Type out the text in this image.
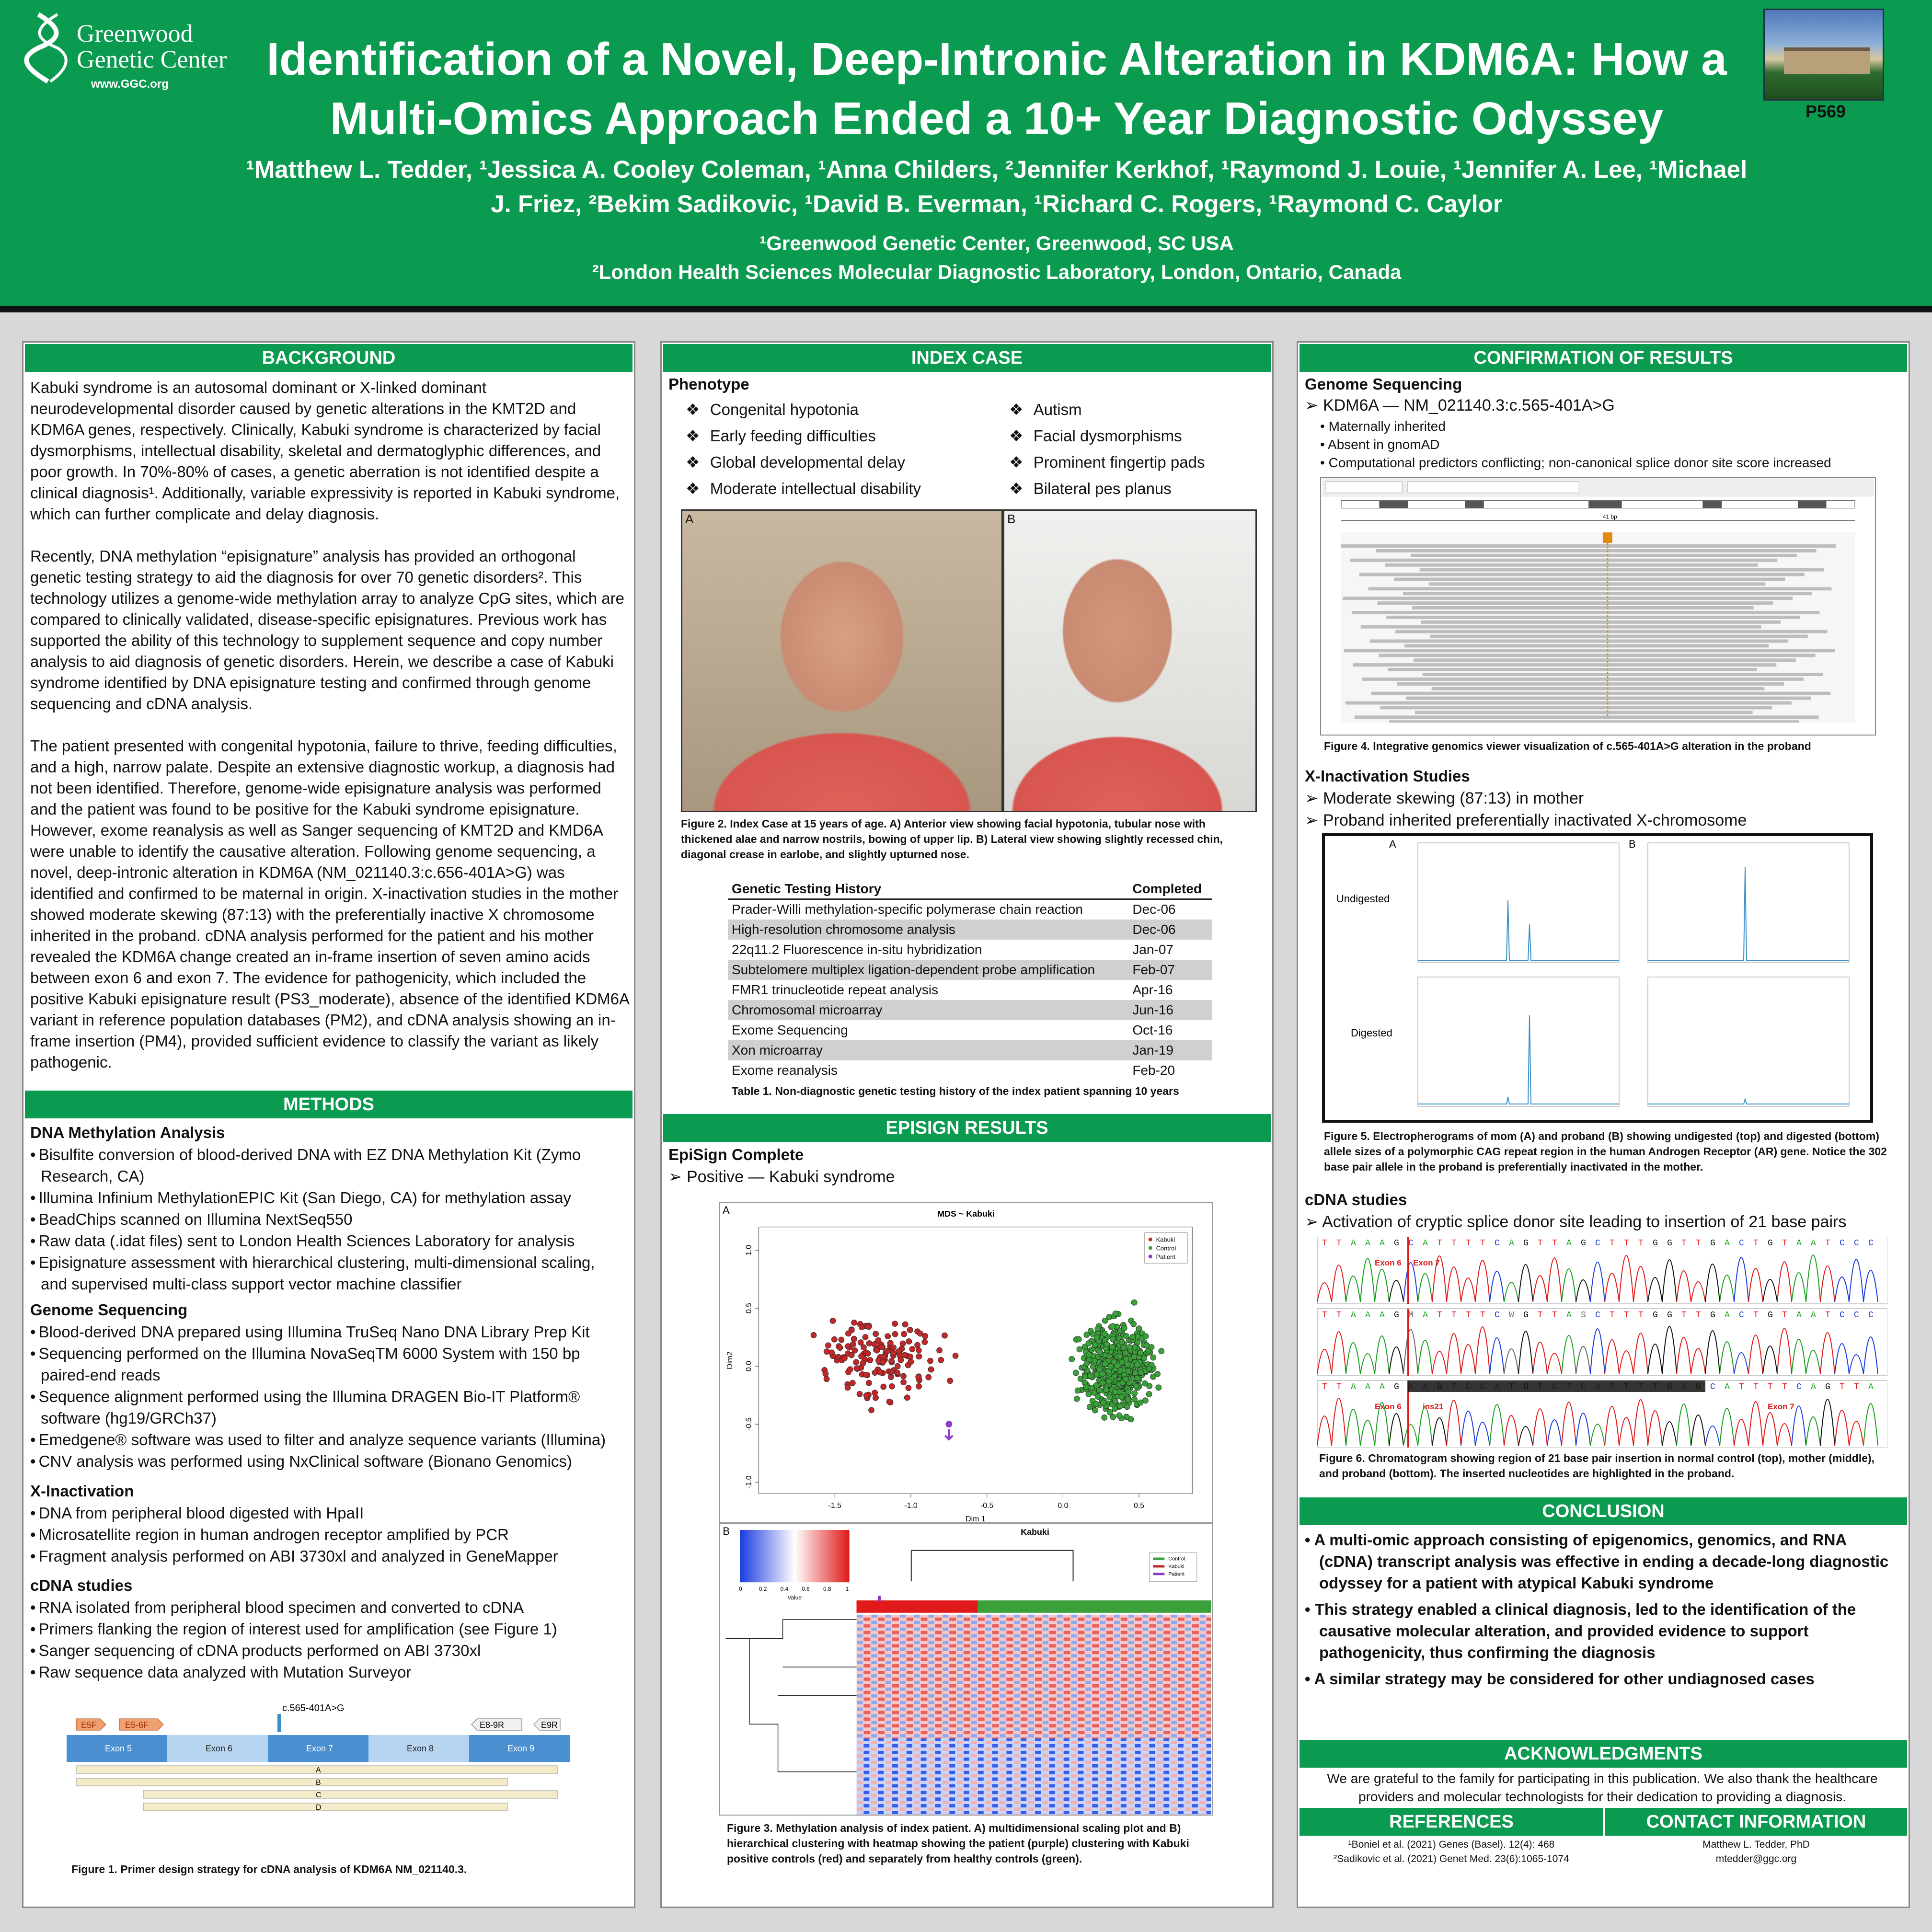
Greenwood
Genetic Center
www.GGC.org	Identification of a Novel, Deep-Intronic Alteration in KDM6A: How a
Multi-Omics Approach Ended a 10+ Year Diagnostic Odyssey
¹Matthew L. Tedder, ¹Jessica A. Cooley Coleman, ¹Anna Childers, ²Jennifer Kerkhof, ¹Raymond J. Louie, ¹Jennifer A. Lee, ¹Michael
J. Friez, ²Bekim Sadikovic, ¹David B. Everman, ¹Richard C. Rogers, ¹Raymond C. Caylor
¹Greenwood Genetic Center, Greenwood, SC USA
²London Health Sciences Molecular Diagnostic Laboratory, London, Ontario, Canada
P569
BACKGROUND

Kabuki syndrome is an autosomal dominant or X-linked dominant neurodevelopmental disorder caused by genetic alterations in the KMT2D and KDM6A genes, respectively. Clinically, Kabuki syndrome is characterized by facial dysmorphisms, intellectual disability, skeletal and dermatoglyphic differences, and poor growth. In 70%-80% of cases, a genetic aberration is not identified despite a clinical diagnosis¹. Additionally, variable expressivity is reported in Kabuki syndrome, which can further complicate and delay diagnosis.

Recently, DNA methylation “episignature” analysis has provided an orthogonal genetic testing strategy to aid the diagnosis for over 70 genetic disorders². This technology utilizes a genome-wide methylation array to analyze CpG sites, which are compared to clinically validated, disease-specific episignatures. Previous work has supported the ability of this technology to supplement sequence and copy number analysis to aid diagnosis of genetic disorders. Herein, we describe a case of Kabuki syndrome identified by DNA episignature testing and confirmed through genome sequencing and cDNA analysis.

The patient presented with congenital hypotonia, failure to thrive, feeding difficulties, and a high, narrow palate. Despite an extensive diagnostic workup, a diagnosis had not been identified. Therefore, genome-wide episignature analysis was performed and the patient was found to be positive for the Kabuki syndrome episignature. However, exome reanalysis as well as Sanger sequencing of KMT2D and KMD6A were unable to identify the causative alteration. Following genome sequencing, a novel, deep-intronic alteration in KDM6A (NM_021140.3:c.656-401A>G) was identified and confirmed to be maternal in origin. X-inactivation studies in the mother showed moderate skewing (87:13) with the preferentially inactive X chromosome inherited in the proband. cDNA analysis performed for the patient and his mother revealed the KDM6A change created an in-frame insertion of seven amino acids between exon 6 and exon 7. The evidence for pathogenicity, which included the positive Kabuki episignature result (PS3_moderate), absence of the identified KDM6A variant in reference population databases (PM2), and cDNA analysis showing an in-frame insertion (PM4), provided sufficient evidence to classify the variant as likely pathogenic.

METHODS
DNA Methylation Analysis
• Bisulfite conversion of blood-derived DNA with EZ DNA Methylation Kit (Zymo Research, CA)
• Illumina Infinium MethylationEPIC Kit (San Diego, CA) for methylation assay
• BeadChips scanned on Illumina NextSeq550
• Raw data (.idat files) sent to London Health Sciences Laboratory for analysis
• Episignature assessment with hierarchical clustering, multi-dimensional scaling, and supervised multi-class support vector machine classifier
Genome Sequencing
• Blood-derived DNA prepared using Illumina TruSeq Nano DNA Library Prep Kit
• Sequencing performed on the Illumina NovaSeqTM 6000 System with 150 bp paired-end reads
• Sequence alignment performed using the Illumina DRAGEN Bio-IT Platform® software (hg19/GRCh37)
• Emedgene® software was used to filter and analyze sequence variants (Illumina)
• CNV analysis was performed using NxClinical software (Bionano Genomics)
X-Inactivation
• DNA from peripheral blood digested with HpaII
• Microsatellite region in human androgen receptor amplified by PCR
• Fragment analysis performed on ABI 3730xl and analyzed in GeneMapper
cDNA studies
• RNA isolated from peripheral blood specimen and converted to cDNA
• Primers flanking the region of interest used for amplification (see Figure 1)
• Sanger sequencing of cDNA products performed on ABI 3730xl
• Raw sequence data analyzed with Mutation Surveyor
c.565-401A>G
E5F	E5-6F	E8-9R	E9R
Exon 5	Exon 6	Exon 7	Exon 8	Exon 9
A
B
C
D
Figure 1. Primer design strategy for cDNA analysis of KDM6A NM_021140.3.
INDEX CASE
Phenotype
❖ Congenital hypotonia
❖ Early feeding difficulties
❖ Global developmental delay
❖ Moderate intellectual disability
❖ Autism
❖ Facial dysmorphisms
❖ Prominent fingertip pads
❖ Bilateral pes planus
A	B
Figure 2. Index Case at 15 years of age. A) Anterior view showing facial hypotonia, tubular nose with thickened alae and narrow nostrils, bowing of upper lip. B) Lateral view showing slightly recessed chin, diagonal crease in earlobe, and slightly upturned nose.
Genetic Testing History	Completed
Prader-Willi methylation-specific polymerase chain reaction	Dec-06
High-resolution chromosome analysis	Dec-06
22q11.2 Fluorescence in-situ hybridization	Jan-07
Subtelomere multiplex ligation-dependent probe amplification	Feb-07
FMR1 trinucleotide repeat analysis	Apr-16
Chromosomal microarray	Jun-16
Exome Sequencing	Oct-16
Xon microarray	Jan-19
Exome reanalysis	Feb-20
Table 1. Non-diagnostic genetic testing history of the index patient spanning 10 years
EPISIGN RESULTS
EpiSign Complete
➢ Positive — Kabuki syndrome
A	MDS ~ Kabuki
-1.5	-1.0	-0.5	0.0	0.5
-1.0
-0.5
0.0
0.5
1.0
Dim 1
Dim2
Kabuki
Control
Patient
B
0	0.2 0.4 0.6 0.8	1
Value
Kabuki
Control
Kabuki
Patient
Figure 3. Methylation analysis of index patient. A) multidimensional scaling plot and B) hierarchical clustering with heatmap showing the patient (purple) clustering with Kabuki positive controls (red) and separately from healthy controls (green).
CONFIRMATION OF RESULTS
Genome Sequencing
➢ KDM6A — NM_021140.3:c.565-401A>G
• Maternally inherited
• Absent in gnomAD
• Computational predictors conflicting; non-canonical splice donor site score increased
41 bp
Figure 4. Integrative genomics viewer visualization of c.565-401A>G alteration in the proband
X-Inactivation Studies
➢ Moderate skewing (87:13) in mother
➢ Proband inherited preferentially inactivated X-chromosome
A	B
Undigested
Digested
Figure 5. Electropherograms of mom (A) and proband (B) showing undigested (top) and digested (bottom) allele sizes of a polymorphic CAG repeat region in the human Androgen Receptor (AR) gene. Notice the 302 base pair allele in the proband is preferentially inactivated in the mother.
cDNA studies
➢ Activation of cryptic splice donor site leading to insertion of 21 base pairs
T T A A A G C A T T T T C A G T T A G C T T T G G T T G A C T G T A A T C C C
T T A A A G M A T T T T C W G T T A S C T T T G G T T G A C T G T A A T C C C
T T A A A G	C A T T T T C A G T T A
Exon 6 Exon 7
Exon 6	ins21	Exon 7
Figure 6. Chromatogram showing region of 21 base pair insertion in normal control (top), mother (middle), and proband (bottom). The inserted nucleotides are highlighted in the proband.
CONCLUSION
• A multi-omic approach consisting of epigenomics, genomics, and RNA (cDNA) transcript analysis was effective in ending a decade-long diagnostic odyssey for a patient with atypical Kabuki syndrome
• This strategy enabled a clinical diagnosis, led to the identification of the causative molecular alteration, and provided evidence to support pathogenicity, thus confirming the diagnosis
• A similar strategy may be considered for other undiagnosed cases
ACKNOWLEDGMENTS
We are grateful to the family for participating in this publication. We also thank the healthcare providers and molecular technologists for their dedication to providing a diagnosis.
REFERENCES	CONTACT INFORMATION
¹Boniel et al. (2021) Genes (Basel). 12(4): 468
²Sadikovic et al. (2021) Genet Med. 23(6):1065-1074
Matthew L. Tedder, PhD
mtedder@ggc.org
